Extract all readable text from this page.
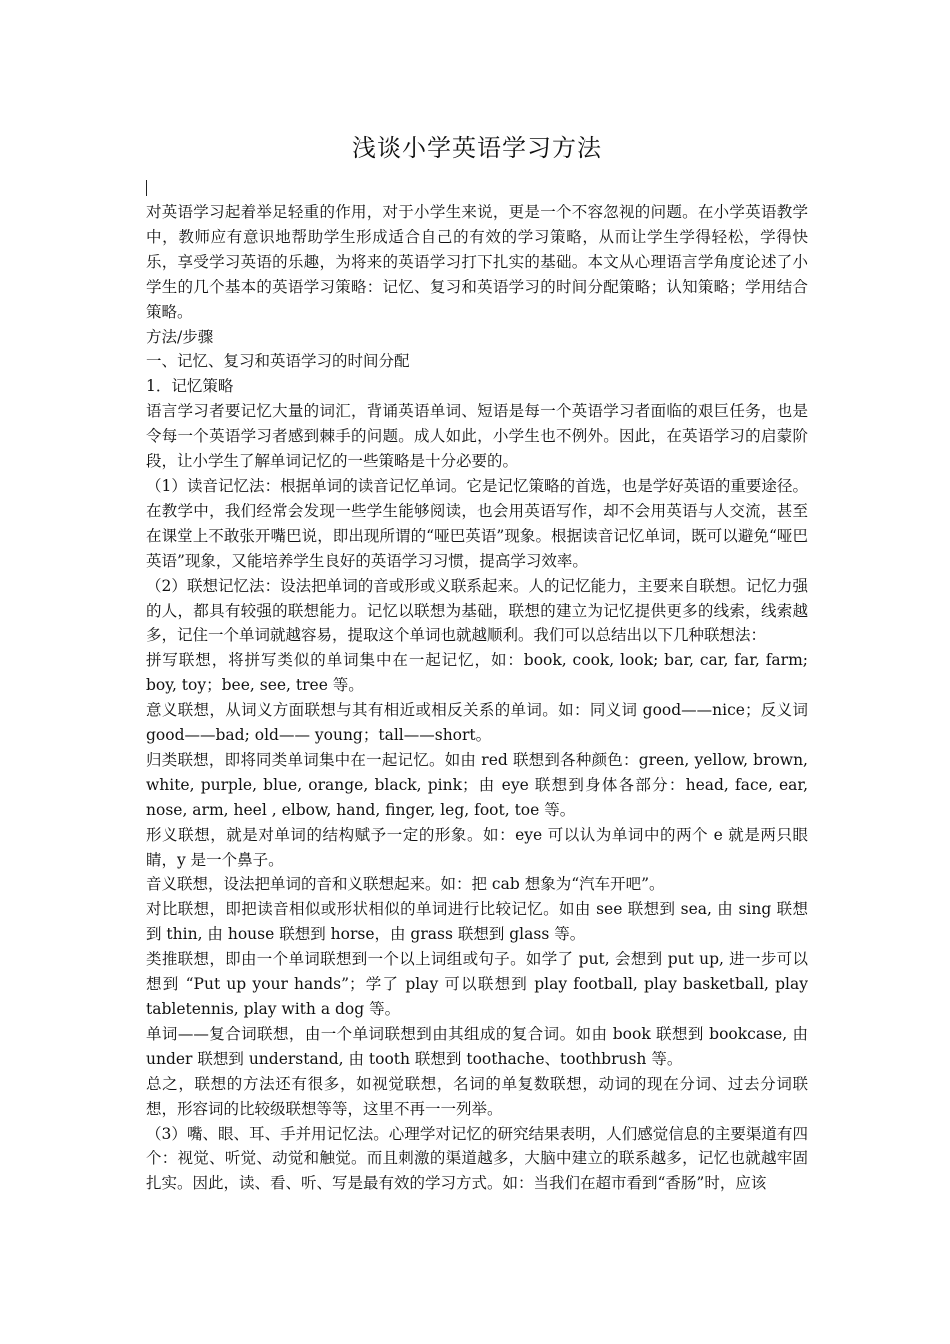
浅谈小学英语学习方法

对英语学习起着举足轻重的作用，对于小学生来说，更是一个不容忽视的问题。在小学英语教学中，教师应有意识地帮助学生形成适合自己的有效的学习策略，从而让学生学得轻松，学得快乐，享受学习英语的乐趣，为将来的英语学习打下扎实的基础。本文从心理语言学角度论述了小学生的几个基本的英语学习策略：记忆、复习和英语学习的时间分配策略；认知策略；学用结合策略。

方法/步骤

一、记忆、复习和英语学习的时间分配

1．记忆策略

语言学习者要记忆大量的词汇，背诵英语单词、短语是每一个英语学习者面临的艰巨任务，也是令每一个英语学习者感到棘手的问题。成人如此，小学生也不例外。因此，在英语学习的启蒙阶段，让小学生了解单词记忆的一些策略是十分必要的。

（1）读音记忆法：根据单词的读音记忆单词。它是记忆策略的首选，也是学好英语的重要途径。在教学中，我们经常会发现一些学生能够阅读，也会用英语写作，却不会用英语与人交流，甚至在课堂上不敢张开嘴巴说，即出现所谓的“哑巴英语”现象。根据读音记忆单词，既可以避免“哑巴英语”现象，又能培养学生良好的英语学习习惯，提高学习效率。

（2）联想记忆法：设法把单词的音或形或义联系起来。人的记忆能力，主要来自联想。记忆力强的人，都具有较强的联想能力。记忆以联想为基础，联想的建立为记忆提供更多的线索，线索越多，记住一个单词就越容易，提取这个单词也就越顺利。我们可以总结出以下几种联想法：

拼写联想，将拼写类似的单词集中在一起记忆，如：book, cook, look; bar, car, far, farm; boy, toy；bee, see, tree 等。

意义联想，从词义方面联想与其有相近或相反关系的单词。如：同义词 good——nice；反义词 good——bad; old—— young；tall——short。

归类联想，即将同类单词集中在一起记忆。如由 red 联想到各种颜色：green, yellow, brown, white, purple, blue, orange, black, pink；由 eye 联想到身体各部分：head, face, ear, nose, arm, heel , elbow, hand, finger, leg, foot, toe 等。

形义联想，就是对单词的结构赋予一定的形象。如：eye 可以认为单词中的两个 e 就是两只眼睛，y 是一个鼻子。

音义联想，设法把单词的音和义联想起来。如：把 cab 想象为“汽车开吧”。

对比联想，即把读音相似或形状相似的单词进行比较记忆。如由 see 联想到 sea, 由 sing 联想到 thin, 由 house 联想到 horse，由 grass 联想到 glass 等。

类推联想，即由一个单词联想到一个以上词组或句子。如学了 put, 会想到 put up, 进一步可以想到 “Put up your hands”；学了 play 可以联想到 play football, play basketball, play tabletennis, play with a dog 等。

单词——复合词联想，由一个单词联想到由其组成的复合词。如由 book 联想到 bookcase, 由 under 联想到 understand, 由 tooth 联想到 toothache、toothbrush 等。

总之，联想的方法还有很多，如视觉联想，名词的单复数联想，动词的现在分词、过去分词联想，形容词的比较级联想等等，这里不再一一列举。

（3）嘴、眼、耳、手并用记忆法。心理学对记忆的研究结果表明，人们感觉信息的主要渠道有四个：视觉、听觉、动觉和触觉。而且刺激的渠道越多，大脑中建立的联系越多，记忆也就越牢固扎实。因此，读、看、听、写是最有效的学习方式。如：当我们在超市看到“香肠”时，应该
